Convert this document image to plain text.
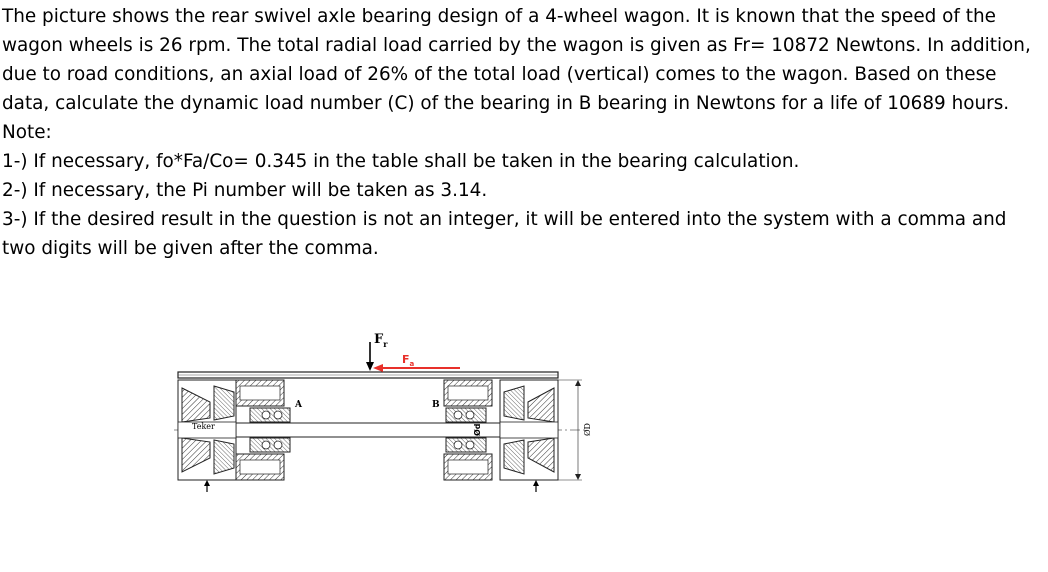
The picture shows the rear swivel axle bearing design of a 4-wheel wagon. It is known that the speed of the wagon wheels is 26 rpm. The total radial load carried by the wagon is given as Fr= 10872 Newtons. In addition, due to road conditions, an axial load of 26% of the total load (vertical) comes to the wagon. Based on these data, calculate the dynamic load number (C) of the bearing in B bearing in Newtons for a life of 10689 hours.

Note:

1-) If necessary, fo*Fa/Co= 0.345 in the table shall be taken in the bearing calculation.

2-) If necessary, the Pi number will be taken as 3.14.

3-) If the desired result in the question is not an integer, it will be entered into the system with a comma and two digits will be given after the comma.

$F_r$
$F_a$
Teker
A	B
Ød	ØD
